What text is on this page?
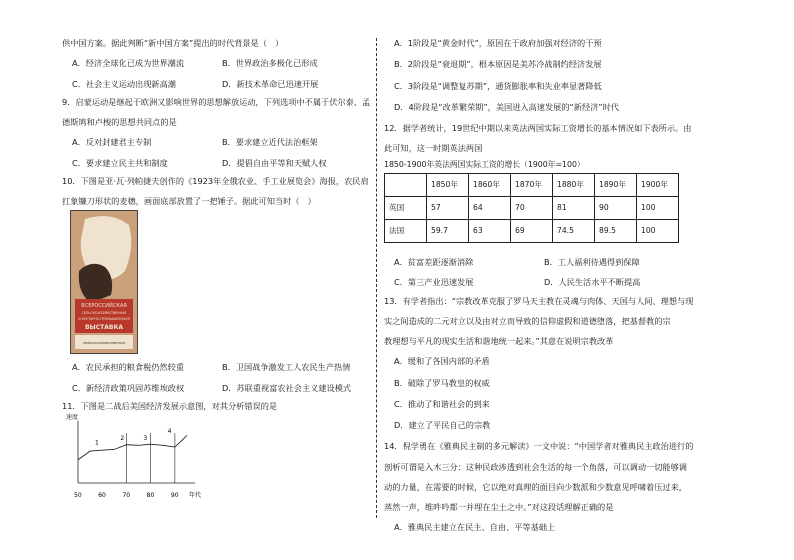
供中国方案。据此判断“新中国方案”提出的时代背景是（　）

A．经济全球化已成为世界潮流	B．世界政治多极化已形成
C．社会主义运动出现新高潮	D．新技术革命已迅速开展

9．启蒙运动是继起于欧洲又影响世界的思想解放运动，下列选项中不属于伏尔泰、孟

德斯鸠和卢梭的思想共同点的是

A．反对封建君主专制	B．要求建立近代法治框架
C．要求建立民主共和制度	D．提倡自由平等和天赋人权

10．下图是亚·瓦·列帕捷夫创作的《1923年全俄农业、手工业展览会》海报，农民肩

扛象镰刀形状的麦穗，画面底部放置了一把锤子。据此可知当时（　）

ВСЕРОССИЙСКАЯ
СЕЛЬСКОХОЗЯЙСТВЕННАЯ
И КУСТАРНО-ПРОМЫШЛЕННАЯ
ВЫСТАВКА
СЕЛЬСКОХОЗЯЙСТВЕННАЯ
A．农民承担的粮食税仍然较重	B．卫国战争激发工人农民生产热情
C．新经济政策巩固苏维埃政权	D．苏联重视富农社会主义建设模式

11．下图是二战后美国经济发展示意图，对其分析错误的是

速度
年代
50	60	70	80	90
1
2	3
4

A．1阶段是“黄金时代”，原因在于政府加强对经济的干预

B．2阶段是“衰退期”，根本原因是美苏冷战制约经济发展

C．3阶段是“调整复苏期”，通货膨胀率和失业率显著降低

D．4阶段是“改革繁荣期”，美国进入高速发展的“新经济”时代

12．据学者统计，19世纪中期以来英法两国实际工资增长的基本情况如下表所示。由

此可知，这一时期英法两国

1850-1900年英法两国实际工资的增长（1900年=100）

	1850年	1860年	1870年	1880年	1890年	1900年
英国	57	64	70	81	90	100
法国	59.7	63	69	74.5	89.5	100
A．贫富差距逐渐消除	B．工人福利待遇得到保障
C．第三产业迅速发展	D．人民生活水平不断提高

13．有学者指出：“宗教改革克服了罗马天主教在灵魂与肉体、天国与人间、理想与现

实之间造成的二元对立以及由对立而导致的信仰虚假和道德堕落，把基督教的宗

教理想与平凡的现实生活和谐地统一起来。”其意在说明宗教改革

A．缓和了各国内部的矛盾

B．破除了罗马教皇的权威

C．推动了和谐社会的到来

D．建立了平民自己的宗教

14．倪学勇在《雅典民主制的多元解读》一文中说：“中国学者对雅典民主政治进行的

剖析可谓是入木三分：这种民政涉透到社会生活的每一个角落，可以调动一切能够调

动的力量，在需要的时候，它以绝对真理的面目向少数派和少数意见呼啸着压过来，

蒸然一声，维吽吟都一并埋在尘土之中。”对这段话理解正确的是

A．雅典民主建立在民主、自由、平等基础上
